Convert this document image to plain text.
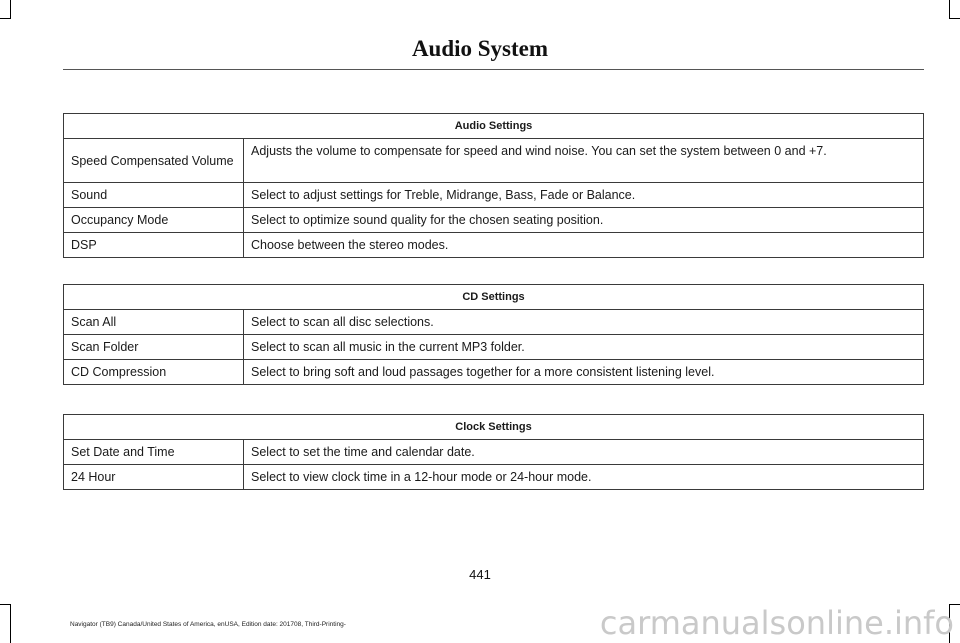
Audio System
Audio Settings	
Speed Compensated Volume	Adjusts the volume to compensate for speed and wind noise. You can set the system between 0 and +7.
Sound	Select to adjust settings for Treble, Midrange, Bass, Fade or Balance.
Occupancy Mode	Select to optimize sound quality for the chosen seating position.
DSP	Choose between the stereo modes.
CD Settings	
Scan All	Select to scan all disc selections.
Scan Folder	Select to scan all music in the current MP3 folder.
CD Compression	Select to bring soft and loud passages together for a more consistent listening level.
Clock Settings	
Set Date and Time	Select to set the time and calendar date.
24 Hour	Select to view clock time in a 12-hour mode or 24-hour mode.
441
Navigator (TB9) Canada/United States of America, enUSA, Edition date: 201708, Third-Printing-	carmanualsonline.info
